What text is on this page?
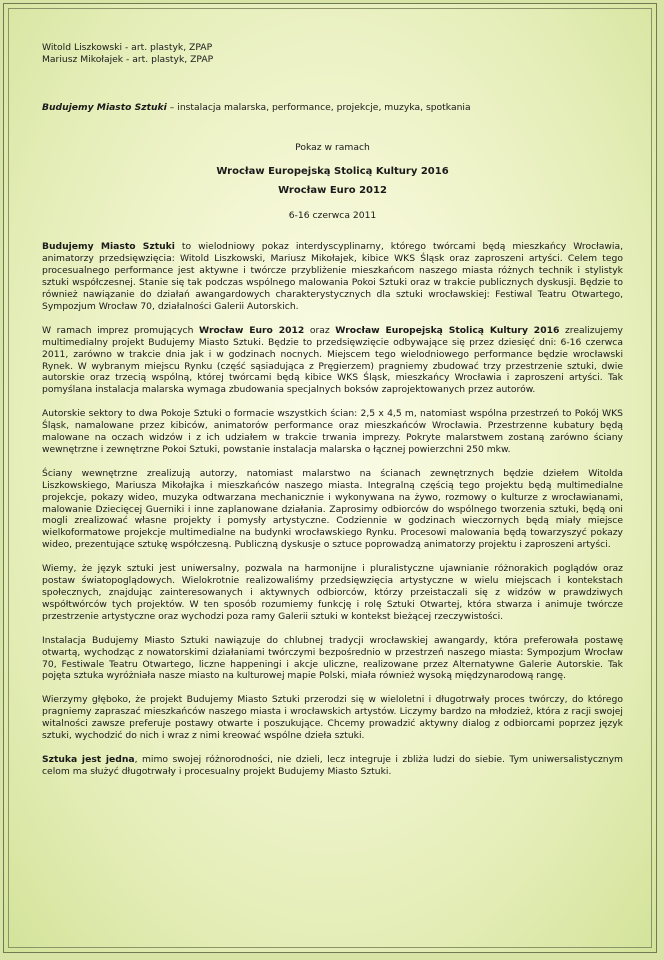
Witold Liszkowski - art. plastyk, ZPAP
Mariusz Mikołajek - art. plastyk, ZPAP
Budujemy Miasto Sztuki – instalacja malarska, performance, projekcje, muzyka, spotkania
Pokaz w ramach
Wrocław Europejską Stolicą Kultury 2016
Wrocław Euro 2012
6-16 czerwca 2011

Budujemy Miasto Sztuki to wielodniowy pokaz interdyscyplinarny, którego twórcami będą mieszkańcy Wrocławia, animatorzy przedsięwzięcia: Witold Liszkowski, Mariusz Mikołajek, kibice WKS Śląsk oraz zaproszeni artyści. Celem tego procesualnego performance jest aktywne i twórcze przybliżenie mieszkańcom naszego miasta różnych technik i stylistyk sztuki współczesnej. Stanie się tak podczas wspólnego malowania Pokoi Sztuki oraz w trakcie publicznych dyskusji. Będzie to również nawiązanie do działań awangardowych charakterystycznych dla sztuki wrocławskiej: Festiwal Teatru Otwartego, Sympozjum Wrocław 70, działalności Galerii Autorskich.

W ramach imprez promujących Wrocław Euro 2012 oraz Wrocław Europejską Stolicą Kultury 2016 zrealizujemy multimedialny projekt Budujemy Miasto Sztuki. Będzie to przedsięwzięcie odbywające się przez dziesięć dni: 6-16 czerwca 2011, zarówno w trakcie dnia jak i w godzinach nocnych. Miejscem tego wielodniowego performance będzie wrocławski Rynek. W wybranym miejscu Rynku (część sąsiadująca z Pręgierzem) pragniemy zbudować trzy przestrzenie sztuki, dwie autorskie oraz trzecią wspólną, której twórcami będą kibice WKS Śląsk, mieszkańcy Wrocławia i zaproszeni artyści. Tak pomyślana instalacja malarska wymaga zbudowania specjalnych boksów zaprojektowanych przez autorów.

Autorskie sektory to dwa Pokoje Sztuki o formacie wszystkich ścian: 2,5 x 4,5 m, natomiast wspólna przestrzeń to Pokój WKS Śląsk, namalowane przez kibiców, animatorów performance oraz mieszkańców Wrocławia. Przestrzenne kubatury będą malowane na oczach widzów i z ich udziałem w trakcie trwania imprezy. Pokryte malarstwem zostaną zarówno ściany wewnętrzne i zewnętrzne Pokoi Sztuki, powstanie instalacja malarska o łącznej powierzchni 250 mkw.

Ściany wewnętrzne zrealizują autorzy, natomiast malarstwo na ścianach zewnętrznych będzie dziełem Witolda Liszkowskiego, Mariusza Mikołajka i mieszkańców naszego miasta. Integralną częścią tego projektu będą multimedialne projekcje, pokazy wideo, muzyka odtwarzana mechanicznie i wykonywana na żywo, rozmowy o kulturze z wrocławianami, malowanie Dziecięcej Guerniki i inne zaplanowane działania. Zaprosimy odbiorców do wspólnego tworzenia sztuki, będą oni mogli zrealizować własne projekty i pomysły artystyczne. Codziennie w godzinach wieczornych będą miały miejsce wielkoformatowe projekcje multimedialne na budynki wrocławskiego Rynku. Procesowi malowania będą towarzyszyć pokazy wideo, prezentujące sztukę współczesną. Publiczną dyskusje o sztuce poprowadzą animatorzy projektu i zaproszeni artyści.

Wiemy, że język sztuki jest uniwersalny, pozwala na harmonijne i pluralistyczne ujawnianie różnorakich poglądów oraz postaw światopoglądowych. Wielokrotnie realizowaliśmy przedsięwzięcia artystyczne w wielu miejscach i kontekstach społecznych, znajdując zainteresowanych i aktywnych odbiorców, którzy przeistaczali się z widzów w prawdziwych współtwórców tych projektów. W ten sposób rozumiemy funkcję i rolę Sztuki Otwartej, która stwarza i animuje twórcze przestrzenie artystyczne oraz wychodzi poza ramy Galerii sztuki w kontekst bieżącej rzeczywistości.

Instalacja Budujemy Miasto Sztuki nawiązuje do chlubnej tradycji wrocławskiej awangardy, która preferowała postawę otwartą, wychodząc z nowatorskimi działaniami twórczymi bezpośrednio w przestrzeń naszego miasta: Sympozjum Wrocław 70, Festiwale Teatru Otwartego, liczne happeningi i akcje uliczne, realizowane przez Alternatywne Galerie Autorskie. Tak pojęta sztuka wyróżniała nasze miasto na kulturowej mapie Polski, miała również wysoką międzynarodową rangę.

Wierzymy głęboko, że projekt Budujemy Miasto Sztuki przerodzi się w wieloletni i długotrwały proces twórczy, do którego pragniemy zapraszać mieszkańców naszego miasta i wrocławskich artystów. Liczymy bardzo na młodzież, która z racji swojej witalności zawsze preferuje postawy otwarte i poszukujące. Chcemy prowadzić aktywny dialog z odbiorcami poprzez język sztuki, wychodzić do nich i wraz z nimi kreować wspólne dzieła sztuki.

Sztuka jest jedna, mimo swojej różnorodności, nie dzieli, lecz integruje i zbliża ludzi do siebie. Tym uniwersalistycznym celom ma służyć długotrwały i procesualny projekt Budujemy Miasto Sztuki.
